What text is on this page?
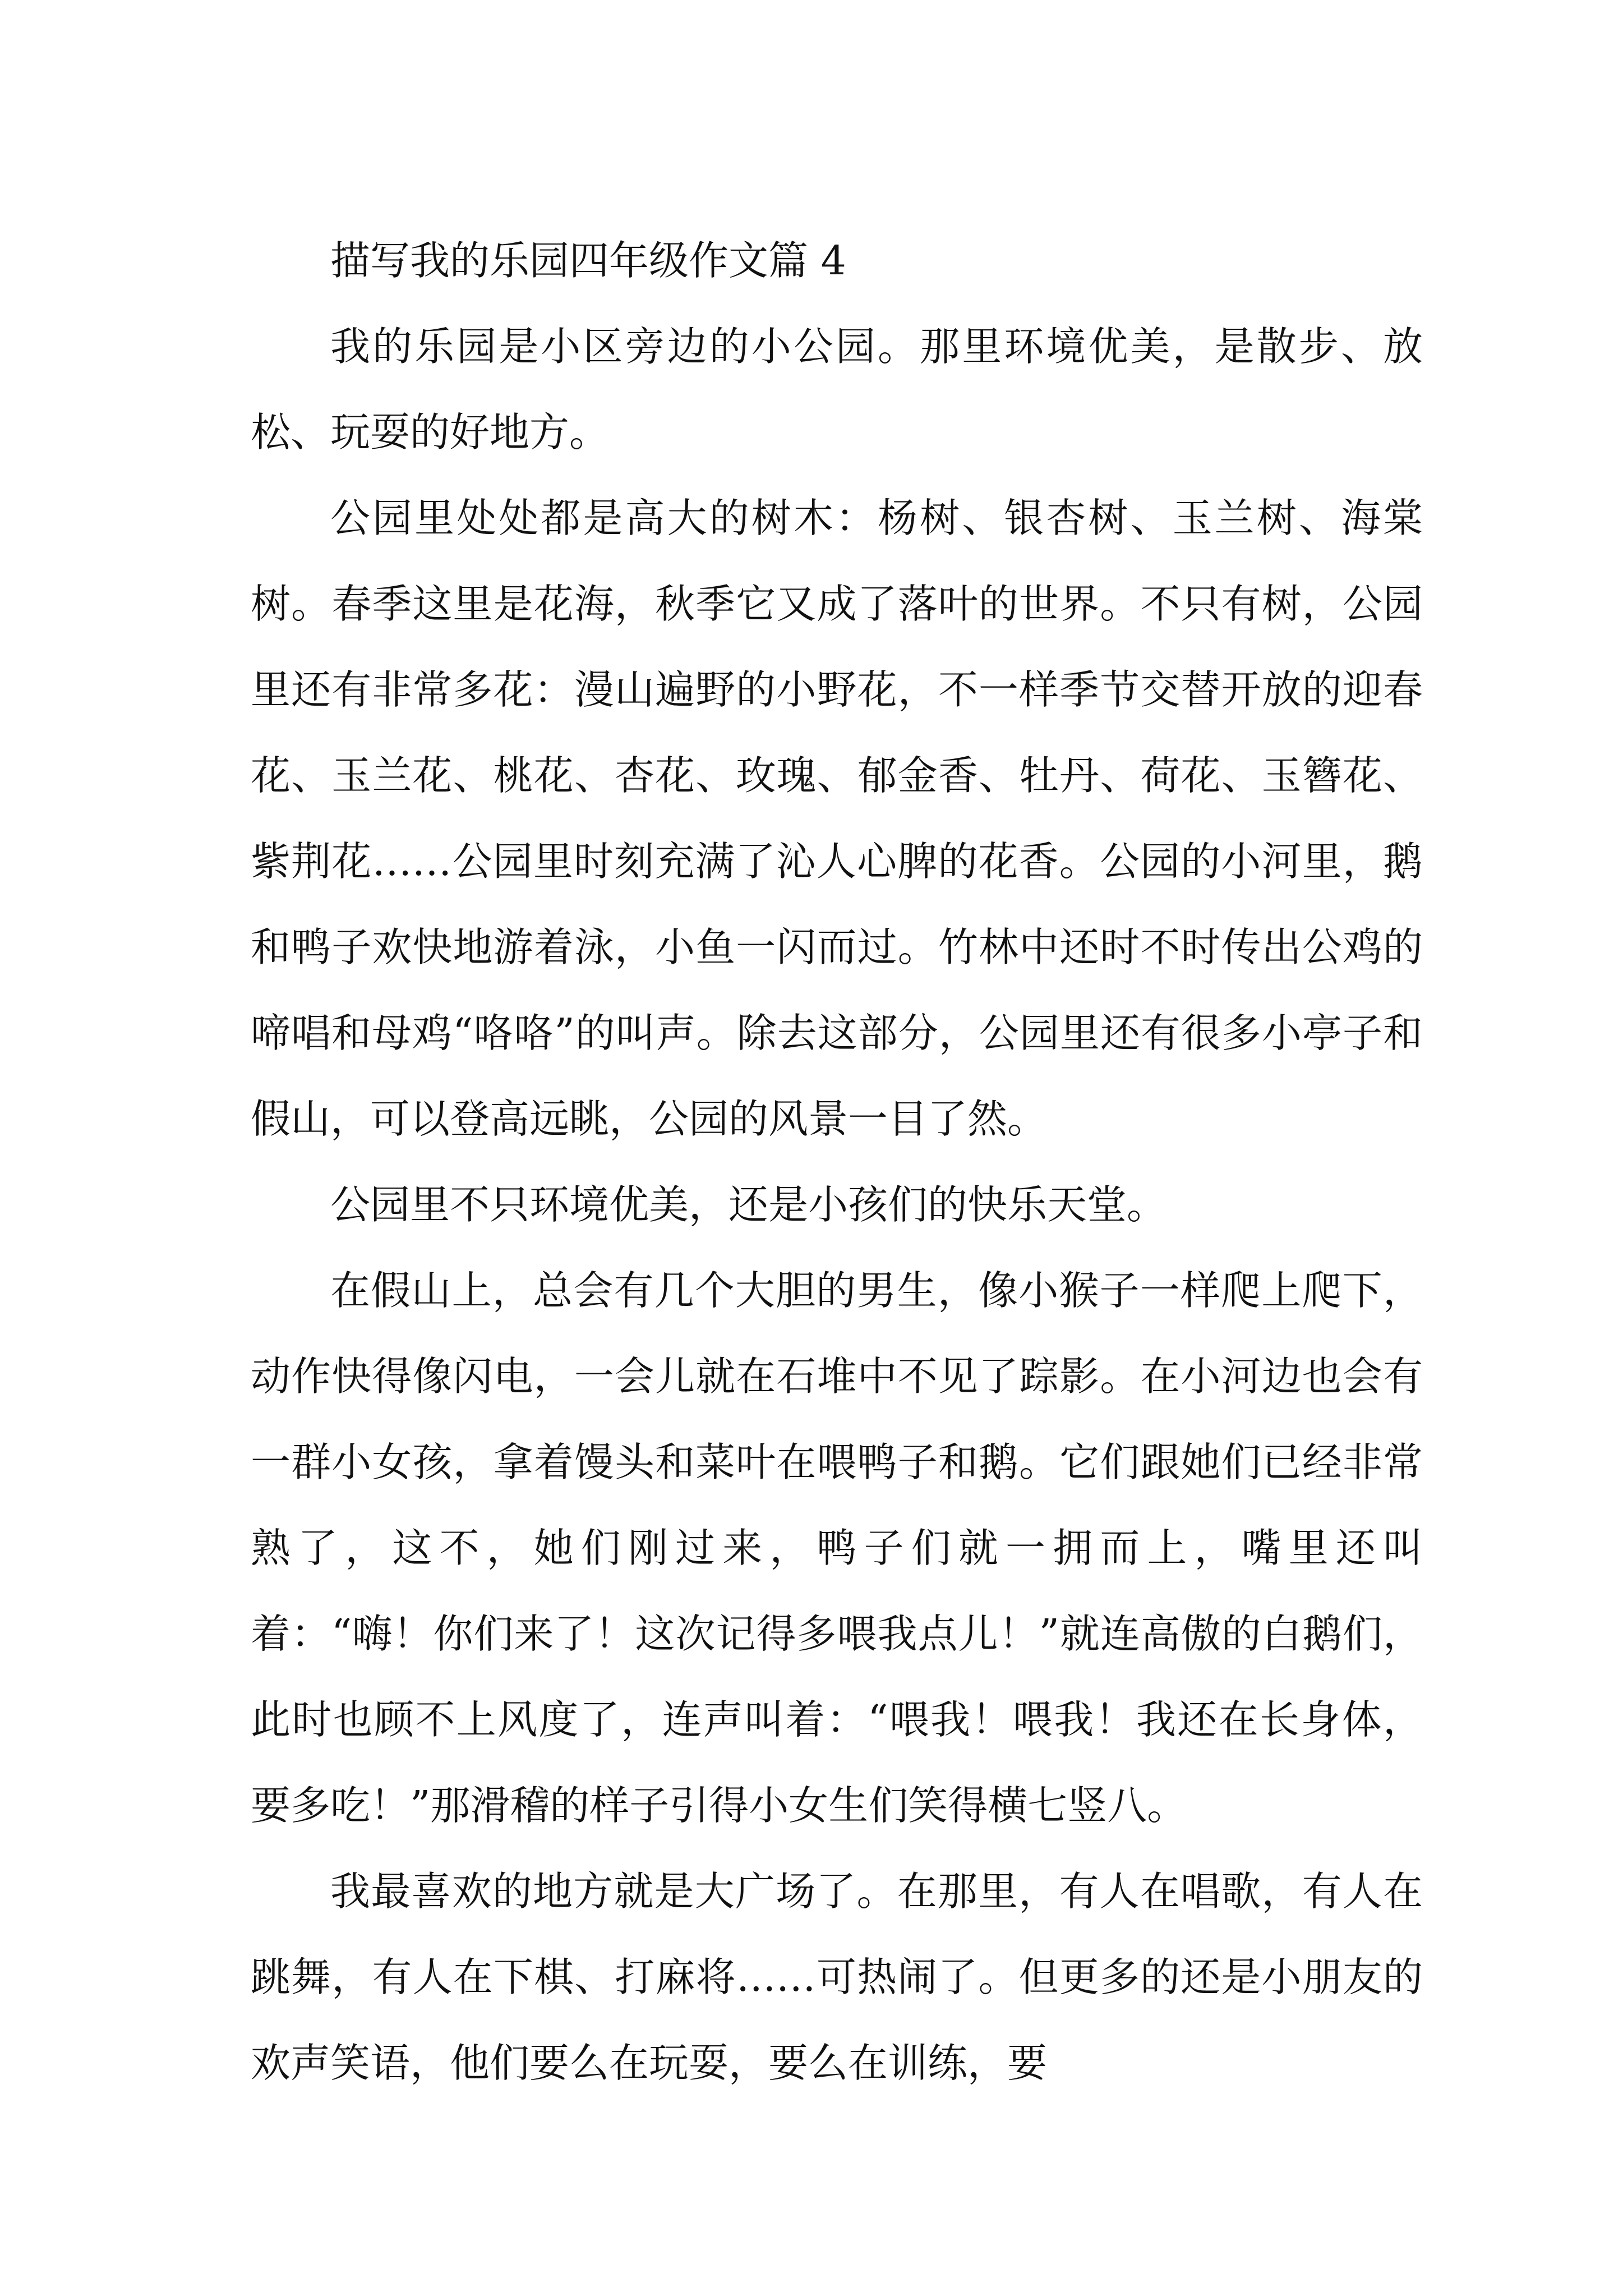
描写我的乐园四年级作文篇 4

我的乐园是小区旁边的小公园。那里环境优美，是散步、放松、玩耍的好地方。

公园里处处都是高大的树木：杨树、银杏树、玉兰树、海棠树。春季这里是花海，秋季它又成了落叶的世界。不只有树，公园里还有非常多花：漫山遍野的小野花，不一样季节交替开放的迎春花、玉兰花、桃花、杏花、玫瑰、郁金香、牡丹、荷花、玉簪花、紫荆花……公园里时刻充满了沁人心脾的花香。公园的小河里，鹅和鸭子欢快地游着泳，小鱼一闪而过。竹林中还时不时传出公鸡的啼唱和母鸡“咯咯”的叫声。除去这部分，公园里还有很多小亭子和假山，可以登高远眺，公园的风景一目了然。

公园里不只环境优美，还是小孩们的快乐天堂。

在假山上，总会有几个大胆的男生，像小猴子一样爬上爬下，动作快得像闪电，一会儿就在石堆中不见了踪影。在小河边也会有一群小女孩，拿着馒头和菜叶在喂鸭子和鹅。它们跟她们已经非常熟了，这不，她们刚过来，鸭子们就一拥而上，嘴里还叫着：“嗨！你们来了！这次记得多喂我点儿！”就连高傲的白鹅们，此时也顾不上风度了，连声叫着：“喂我！喂我！我还在长身体，要多吃！”那滑稽的样子引得小女生们笑得横七竖八。

我最喜欢的地方就是大广场了。在那里，有人在唱歌，有人在跳舞，有人在下棋、打麻将……可热闹了。但更多的还是小朋友的欢声笑语，他们要么在玩耍，要么在训练，要
